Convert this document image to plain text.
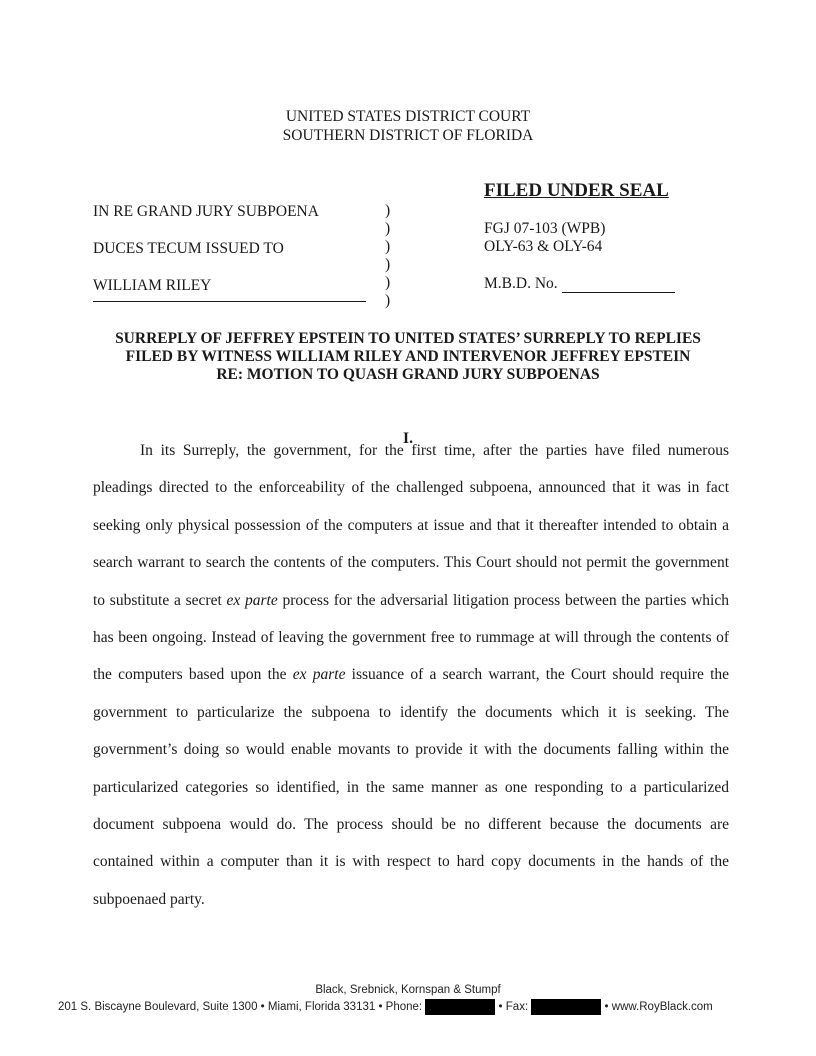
UNITED STATES DISTRICT COURT
SOUTHERN DISTRICT OF FLORIDA
FILED UNDER SEAL
IN RE GRAND JURY SUBPOENA
DUCES TECUM ISSUED TO
WILLIAM RILEY
)
)
)
)
)
)
FGJ 07-103 (WPB)
OLY-63 & OLY-64
M.B.D. No.
SURREPLY OF JEFFREY EPSTEIN TO UNITED STATES’ SURREPLY TO REPLIES
FILED BY WITNESS WILLIAM RILEY AND INTERVENOR JEFFREY EPSTEIN
RE: MOTION TO QUASH GRAND JURY SUBPOENAS
I.

In its Surreply, the government, for the first time, after the parties have filed numerous pleadings directed to the enforceability of the challenged subpoena, announced that it was in fact seeking only physical possession of the computers at issue and that it thereafter intended to obtain a search warrant to search the contents of the computers. This Court should not permit the government to substitute a secret ex parte process for the adversarial litigation process between the parties which has been ongoing. Instead of leaving the government free to rummage at will through the contents of the computers based upon the ex parte issuance of a search warrant, the Court should require the government to particularize the subpoena to identify the documents which it is seeking. The government’s doing so would enable movants to provide it with the documents falling within the particularized categories so identified, in the same manner as one responding to a particularized document subpoena would do. The process should be no different because the documents are contained within a computer than it is with respect to hard copy documents in the hands of the subpoenaed party.

Black, Srebnick, Kornspan & Stumpf
201 S. Biscayne Boulevard, Suite 1300 • Miami, Florida 33131 • Phone:	• Fax:	• www.RoyBlack.com
